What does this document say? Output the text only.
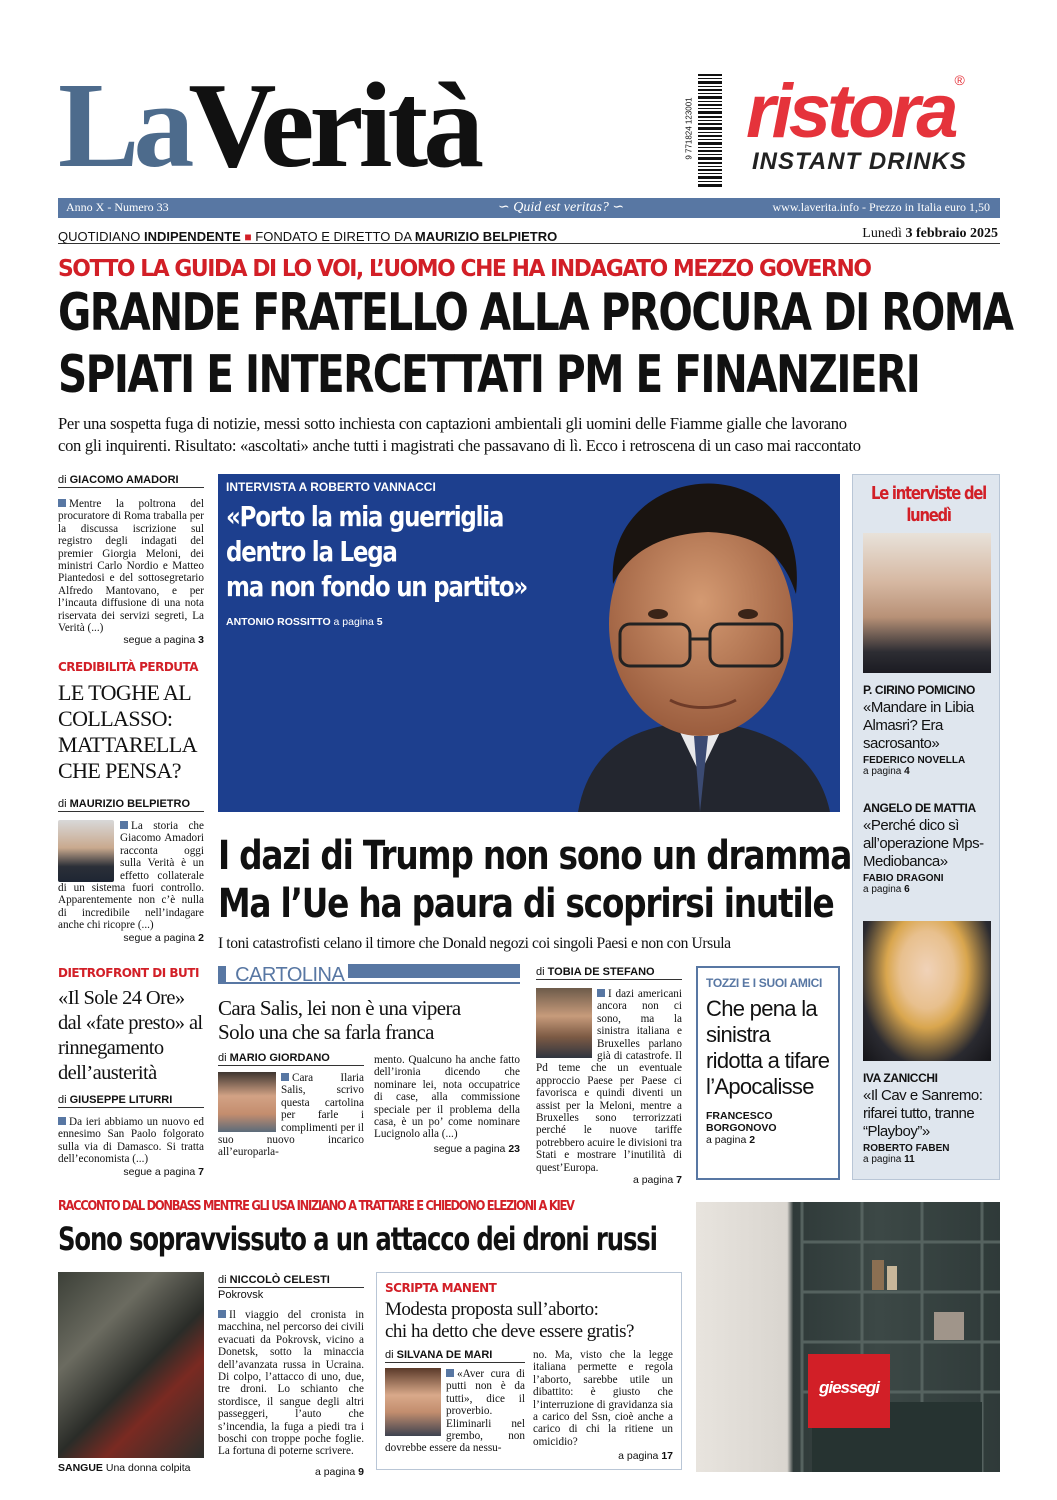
LaVerità	9 771824 123001 ristora®
INSTANT DRINKS
Anno X - Numero 33	∽ Quid est veritas? ∽	www.laverita.info - Prezzo in Italia euro 1,50
QUOTIDIANO INDIPENDENTE ■ FONDATO E DIRETTO DA MAURIZIO BELPIETRO	Lunedì 3 febbraio 2025
SOTTO LA GUIDA DI LO VOI, L’UOMO CHE HA INDAGATO MEZZO GOVERNO
GRANDE FRATELLO ALLA PROCURA DI ROMA
SPIATI E INTERCETTATI PM E FINANZIERI
Per una sospetta fuga di notizie, messi sotto inchiesta con captazioni ambientali gli uomini delle Fiamme gialle che lavorano
con gli inquirenti. Risultato: «ascoltati» anche tutti i magistrati che passavano di lì. Ecco i retroscena di un caso mai raccontato
di GIACOMO AMADORI
Mentre la poltrona del procuratore di Roma traballa per la discussa iscrizione sul registro degli indagati del premier Giorgia Meloni, dei ministri Carlo Nordio e Matteo Piantedosi e del sottosegretario Alfredo Mantovano, e per l’incauta diffusione di una nota riservata dei servizi segreti, La Verità (...)
segue a pagina 3
CREDIBILITÀ PERDUTA
LE TOGHE AL COLLASSO: MATTARELLA CHE PENSA?
di MAURIZIO BELPIETRO
La storia che Giacomo Amadori racconta oggi sulla Verità è un effetto collaterale di un sistema fuori controllo. Apparentemente non c’è nulla di incredibile nell’indagare anche chi ricopre (...)
segue a pagina 2
DIETROFRONT DI BUTI
«Il Sole 24 Ore» dal «fate presto» al rinnegamento dell’austerità
di GIUSEPPE LITURRI
Da ieri abbiamo un nuovo ed ennesimo San Paolo folgorato sulla via di Damasco. Si tratta dell’economista (...)
segue a pagina 7
INTERVISTA A ROBERTO VANNACCI
«Porto la mia guerriglia
dentro la Lega
ma non fondo un partito»
ANTONIO ROSSITTO a pagina 5
I dazi di Trump non sono un dramma
Ma l’Ue ha paura di scoprirsi inutile
I toni catastrofisti celano il timore che Donald negozi coi singoli Paesi e non con Ursula
CARTOLINA
Cara Salis, lei non è una vipera
Solo una che sa farla franca
di MARIO GIORDANO
Cara Ilaria Salis, scrivo questa cartolina per farle i complimenti per il suo nuovo incarico all’europarla-
mento. Qualcuno ha anche fatto dell’ironia dicendo che nominare lei, nota occupatrice di case, alla commissione speciale per il problema della casa, è un po’ come nominare Lucignolo alla (...)
segue a pagina 23
di TOBIA DE STEFANO
I dazi americani ancora non ci sono, ma la sinistra italiana e Bruxelles parlano già di catastrofe. Il Pd teme che un eventuale approccio Paese per Paese ci favorisca e quindi diventi un assist per la Meloni, mentre a Bruxelles sono terrorizzati perché le nuove tariffe potrebbero acuire le divisioni tra Stati e mostrare l’inutilità di quest’Europa.
a pagina 7
TOZZI E I SUOI AMICI
Che pena la sinistra ridotta a tifare l’Apocalisse
FRANCESCO BORGONOVO
a pagina 2
Le interviste del lunedì
P. CIRINO POMICINO
«Mandare in Libia Almasri? Era sacrosanto»
FEDERICO NOVELLA
a pagina 4
ANGELO DE MATTIA
«Perché dico sì all’operazione Mps-Mediobanca»
FABIO DRAGONI
a pagina 6
IVA ZANICCHI
«Il Cav e Sanremo: rifarei tutto, tranne “Playboy”»
ROBERTO FABEN
a pagina 11
RACCONTO DAL DONBASS MENTRE GLI USA INIZIANO A TRATTARE E CHIEDONO ELEZIONI A KIEV
Sono sopravvissuto a un attacco dei droni russi
SANGUE Una donna colpita
di NICCOLÒ CELESTI
Pokrovsk
Il viaggio del cronista in macchina, nel percorso dei civili evacuati da Pokrovsk, vicino a Donetsk, sotto la minaccia dell’avanzata russa in Ucraina. Di colpo, l’attacco di uno, due, tre droni. Lo schianto che stordisce, il sangue degli altri passeggeri, l’auto che s’incendia, la fuga a piedi tra i boschi con troppe poche foglie. La fortuna di poterne scrivere.
a pagina 9
SCRIPTA MANENT
Modesta proposta sull’aborto:
chi ha detto che deve essere gratis?
di SILVANA DE MARI
«Aver cura di putti non è da tutti», dice il proverbio. Eliminarli nel grembo, non dovrebbe essere da nessu-
no. Ma, visto che la legge italiana permette e regola l’aborto, sarebbe utile un dibattito: è giusto che l’interruzione di gravidanza sia a carico del Ssn, cioè anche a carico di chi la ritiene un omicidio?
a pagina 17
giessegi
